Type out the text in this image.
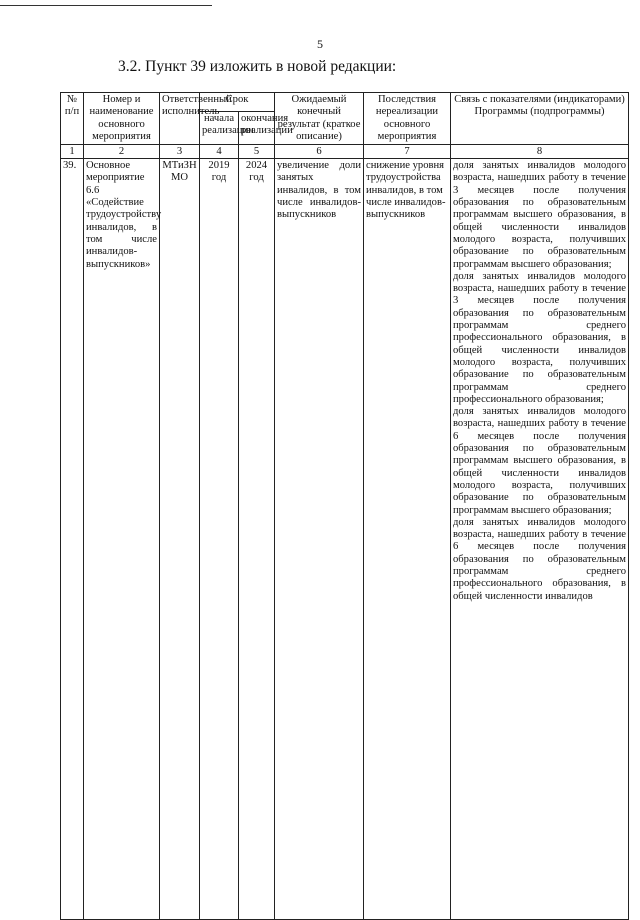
5
3.2. Пункт 39 изложить в новой редакции:
№ п/п	Номер и наименование основного мероприятия	Ответственный исполнитель	Срок		Ожидаемый конечный результат (краткое описание)	Последствия нереализации основного мероприятия	Связь с показателями (индикаторами) Программы (подпрограммы)
			начала реализации	окончания реализации			
1	2	3	4	5	6	7	8
39.	Основное мероприятие 6.6 «Содействие трудоустройству инвалидов, в том числе инвалидов-выпускников»	МТиЗН МО	2019 год	2024 год	увеличение доли занятых инвалидов, в том числе инвалидов-выпускников	снижение уровня трудоустройства инвалидов, в том числе инвалидов-выпускников	доля занятых инвалидов молодого возраста, нашедших работу в течение 3 месяцев после получения образования по образовательным программам высшего образования, в общей численности инвалидов молодого возраста, получивших образование по образовательным программам высшего образования;
доля занятых инвалидов молодого возраста, нашедших работу в течение 3 месяцев после получения образования по образовательным программам среднего профессионального образования, в общей численности инвалидов молодого возраста, получивших образование по образовательным программам среднего профессионального образования;
доля занятых инвалидов молодого возраста, нашедших работу в течение 6 месяцев после получения образования по образовательным программам высшего образования, в общей численности инвалидов молодого возраста, получивших образование по образовательным программам высшего образования;
доля занятых инвалидов молодого возраста, нашедших работу в течение 6 месяцев после получения образования по образовательным программам среднего профессионального образования, в общей численности инвалидов
